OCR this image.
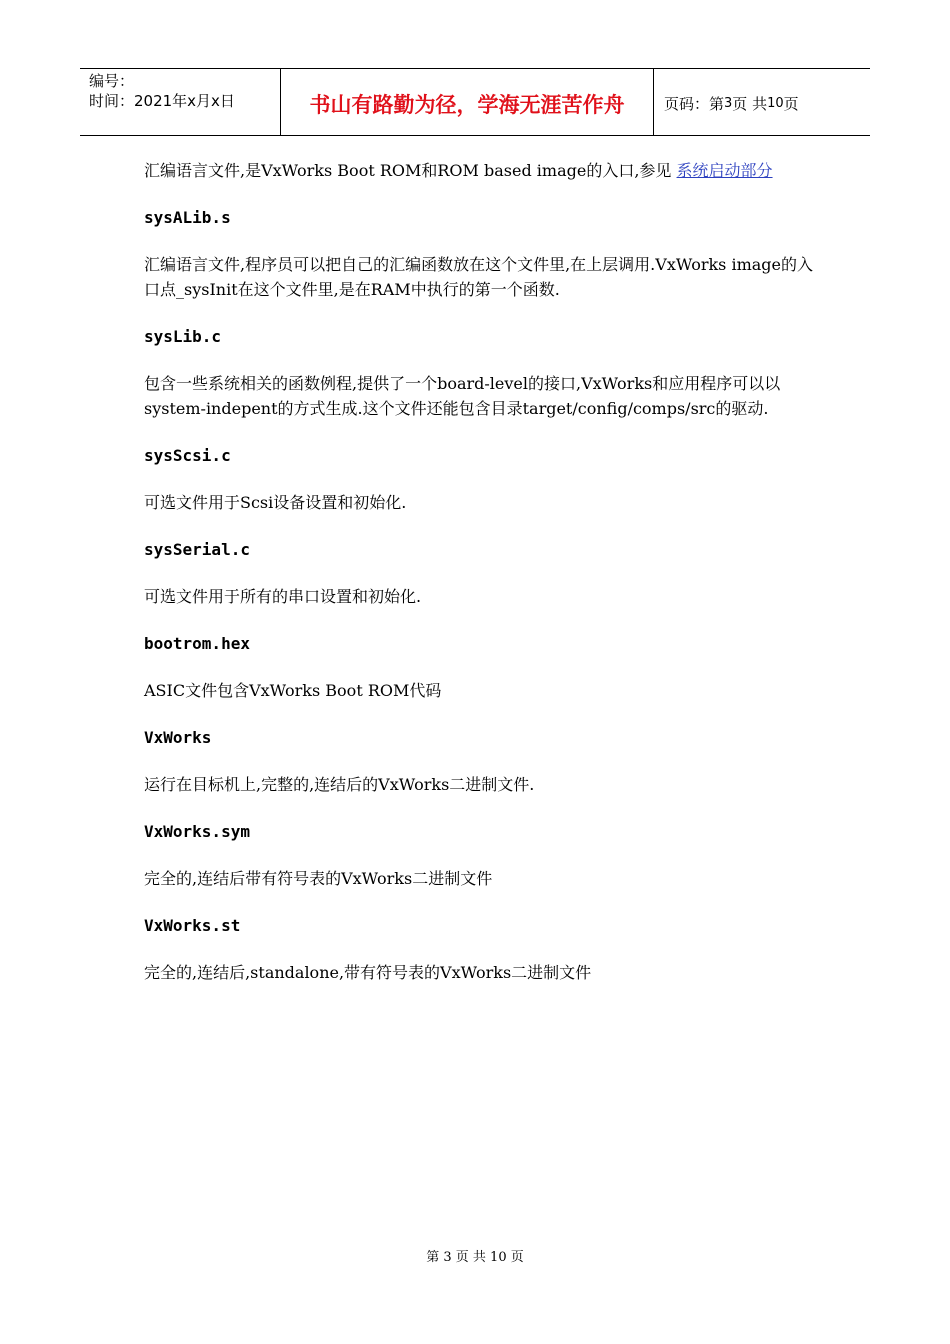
编号：
时间：2021年x月x日	书山有路勤为径，学海无涯苦作舟	页码：第 3 页 共 10 页

汇编语言文件,是VxWorks Boot ROM和ROM based image的入口,参见 系统启动部分

sysALib.s

汇编语言文件,程序员可以把自己的汇编函数放在这个文件里,在上层调用.VxWorks image的入口点_sysInit在这个文件里,是在RAM中执行的第一个函数.

sysLib.c

包含一些系统相关的函数例程,提供了一个board-level的接口,VxWorks和应用程序可以以system-indepent的方式生成.这个文件还能包含目录target/config/comps/src的驱动.

sysScsi.c

可选文件用于Scsi设备设置和初始化.

sysSerial.c

可选文件用于所有的串口设置和初始化.

bootrom.hex

ASIC文件包含VxWorks Boot ROM代码

VxWorks

运行在目标机上,完整的,连结后的VxWorks二进制文件.

VxWorks.sym

完全的,连结后带有符号表的VxWorks二进制文件

VxWorks.st

完全的,连结后,standalone,带有符号表的VxWorks二进制文件

第 3 页 共 10 页
